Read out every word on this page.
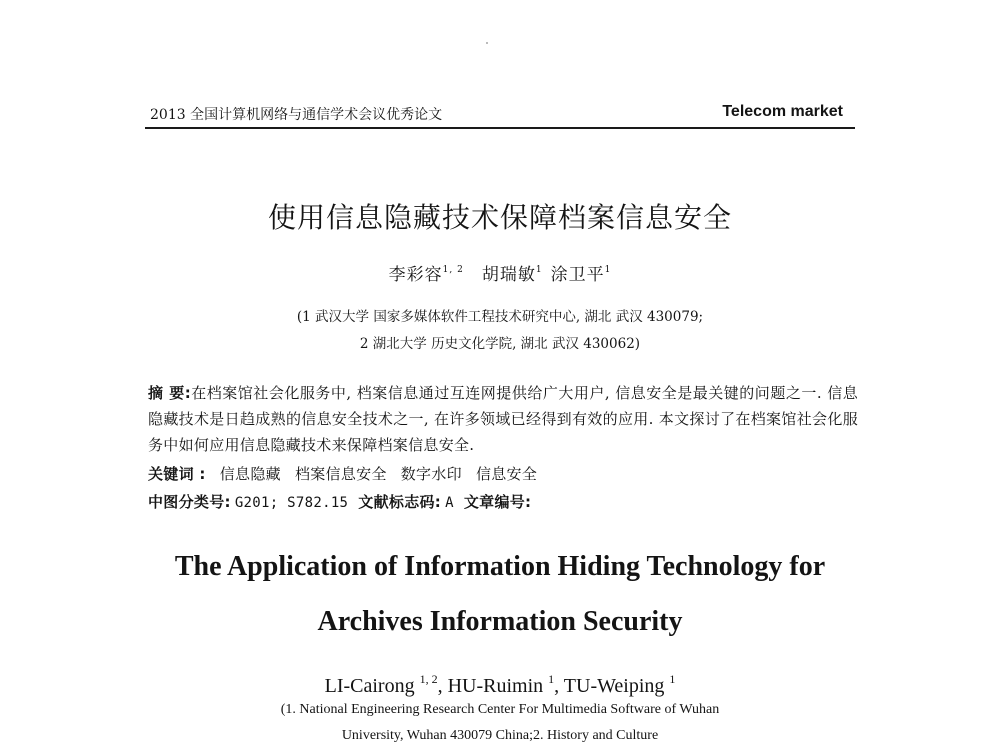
2013 全国计算机网络与通信学术会议优秀论文	Telecom market
使用信息隐藏技术保障档案信息安全
李彩容$^{1, 2}$ 胡瑞敏$^1$ 涂卫平$^1$
(1 武汉大学 国家多媒体软件工程技术研究中心, 湖北 武汉 430079;
2 湖北大学 历史文化学院, 湖北 武汉 430062)
摘 要:在档案馆社会化服务中, 档案信息通过互连网提供给广大用户, 信息安全是最关键的问题之一. 信息隐藏技术是日趋成熟的信息安全技术之一, 在许多领域已经得到有效的应用. 本文探讨了在档案馆社会化服务中如何应用信息隐藏技术来保障档案信息安全.
关键词 : 信息隐藏 档案信息安全 数字水印 信息安全
中图分类号: G201; S782.15 文献标志码: A 文章编号:
The Application of Information Hiding Technology for
Archives Information Security
LI-Cairong $^{1, 2}$, HU-Ruimin $^1$, TU-Weiping $^1$
(1. National Engineering Research Center For Multimedia Software of Wuhan
University, Wuhan 430079 China;2. History and Culture
